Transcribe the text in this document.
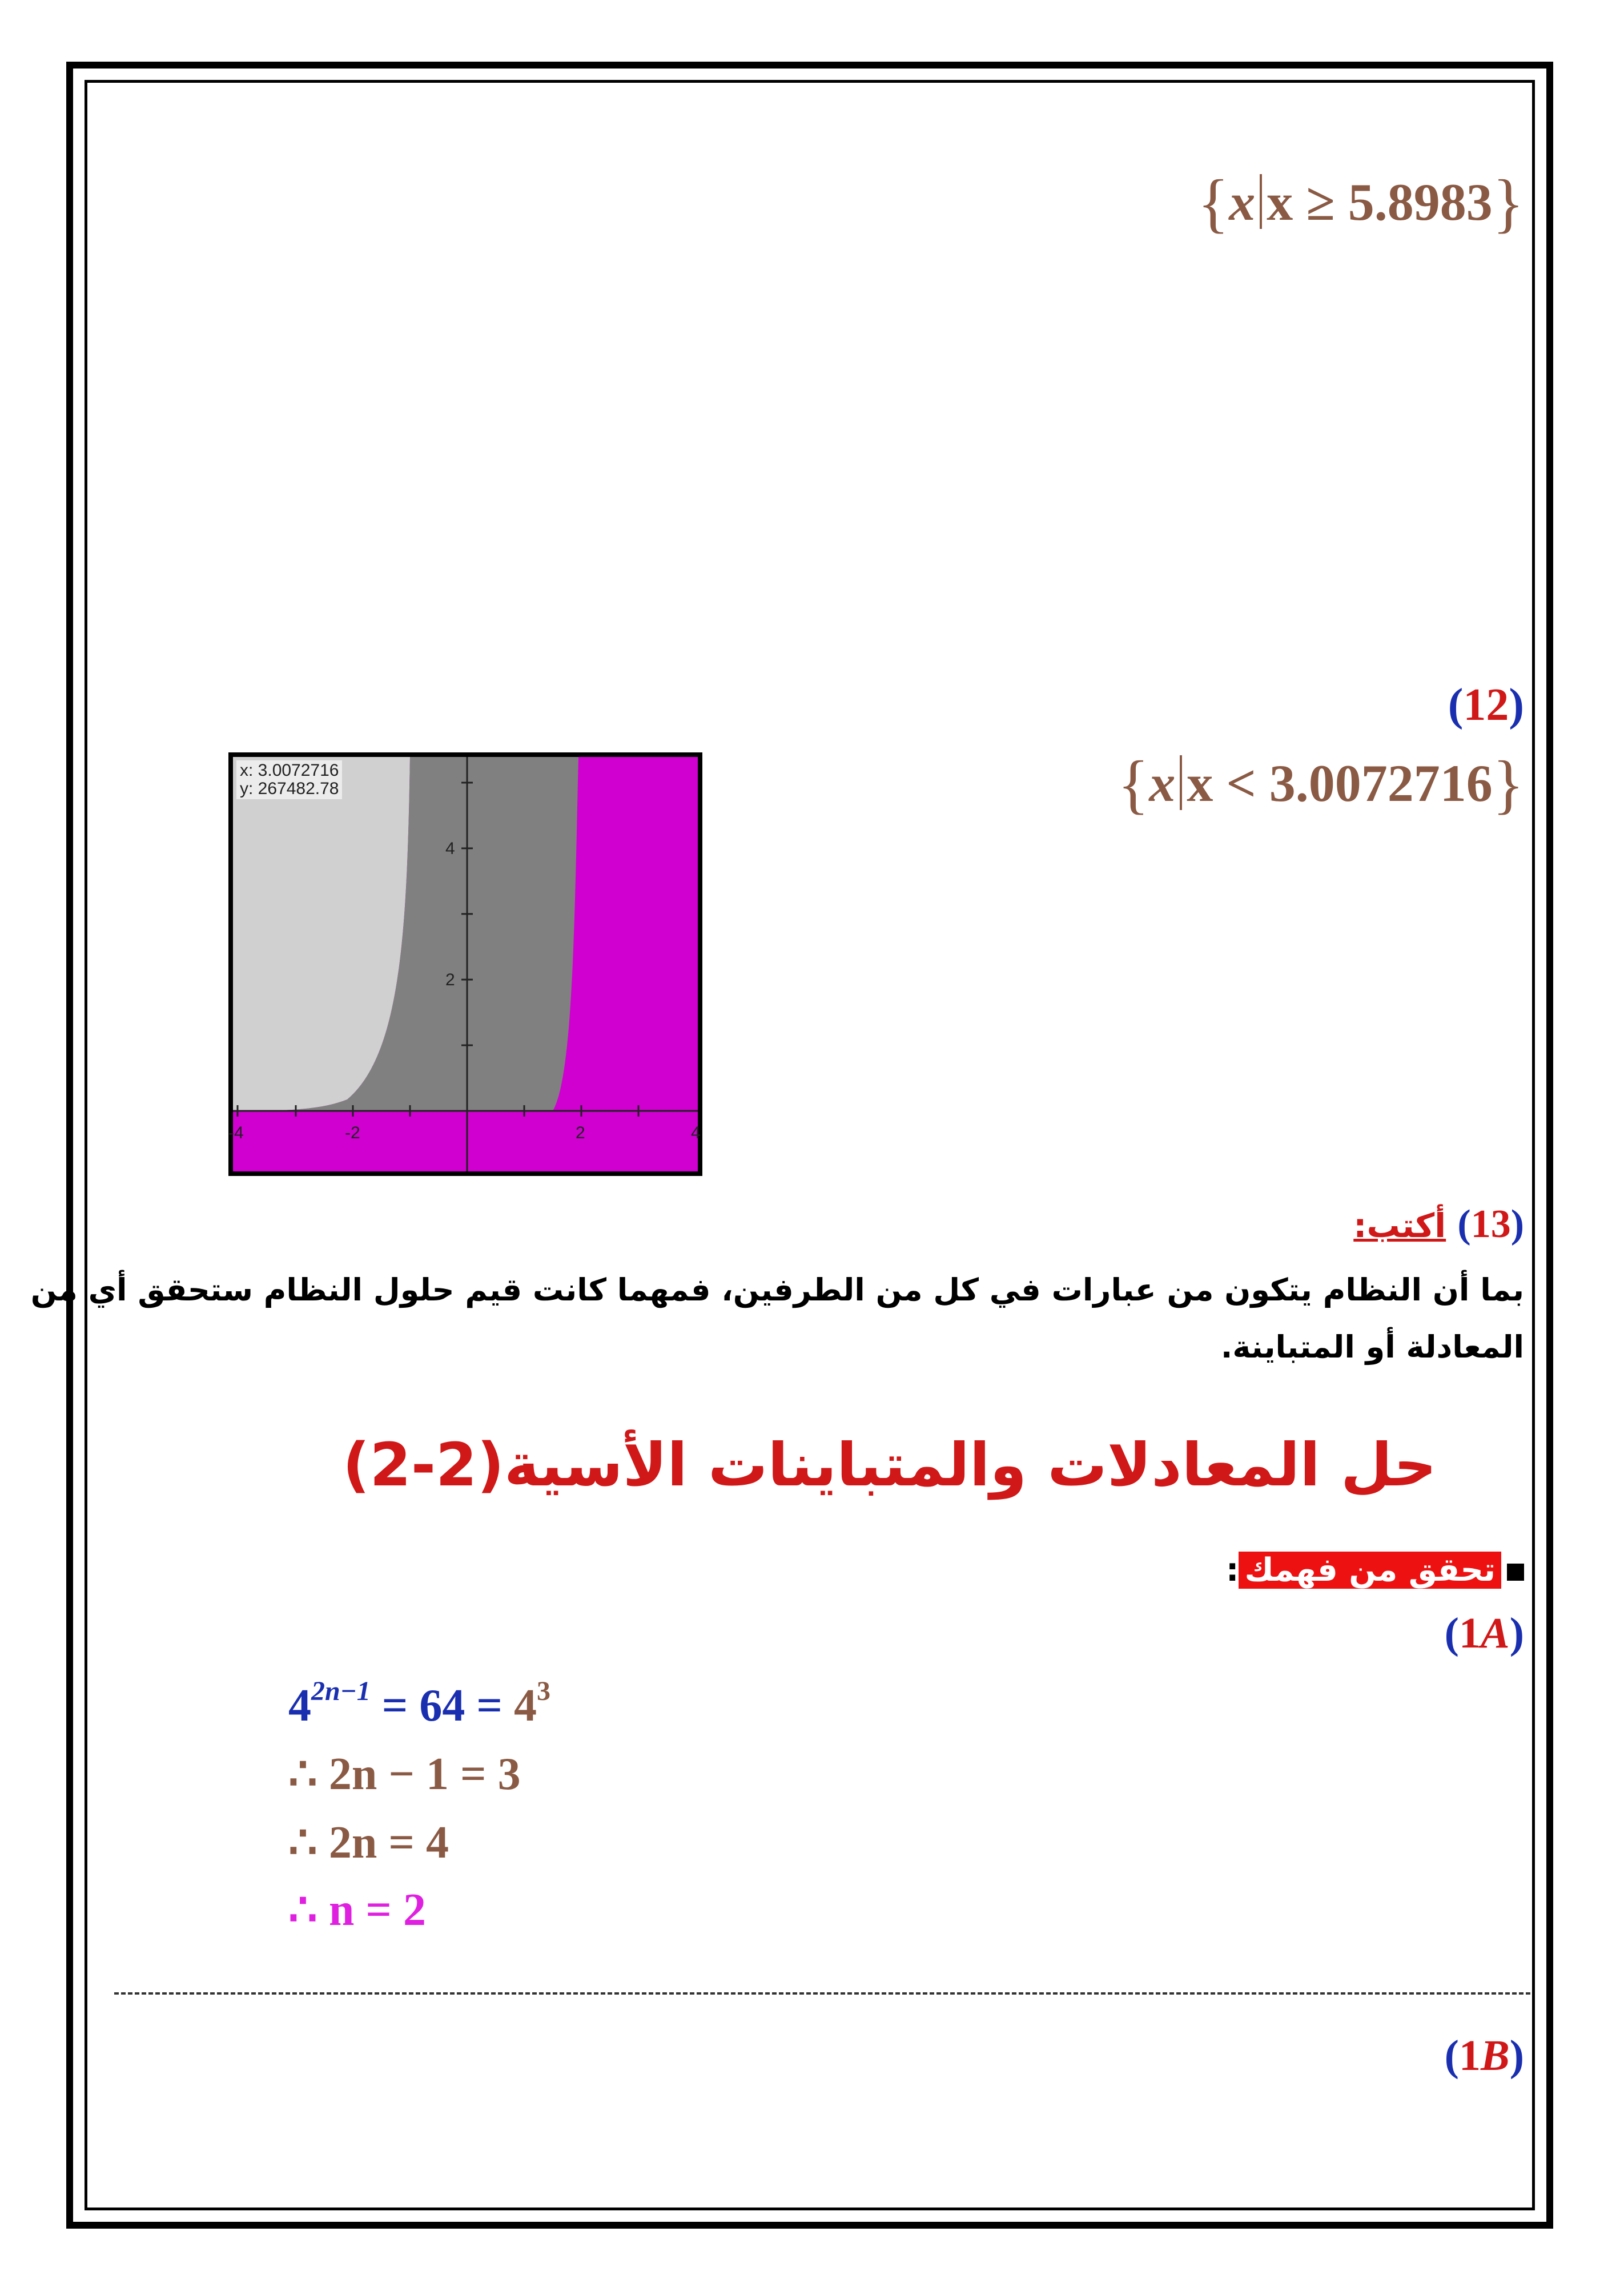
{x x ≥ 5.8983}
(12)
{x x < 3.0072716}
-4	-2	2	4
2
4
x: 3.0072716
y: 267482.78
(13) أكتب:
بما أن النظام يتكون من عبارات في كل من الطرفين، فمهما كانت قيم حلول النظام ستحقق أي من
المعادلة أو المتباينة.
حل المعادلات والمتباينات الأسية(2-2)
تحقق من فهمك:
(1A)
$4^{2n-1} = 64 = 4^3$
∴ 2n − 1 = 3
∴ 2n = 4
∴ n = 2
(1B)
